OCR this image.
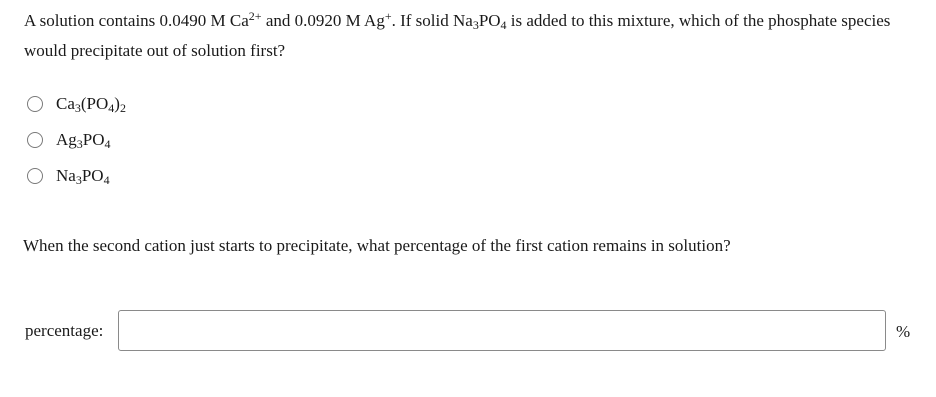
A solution contains 0.0490 M $Ca^{2+}$ and 0.0920 M Ag+. If solid $Na_3PO_4$ is added to this mixture, which of the phosphate species would precipitate out of solution first?
$Ca_3(PO_4)_2$
$Ag_3PO_4$
$Na_3PO_4$
When the second cation just starts to precipitate, what percentage of the first cation remains in solution?
percentage:	%
